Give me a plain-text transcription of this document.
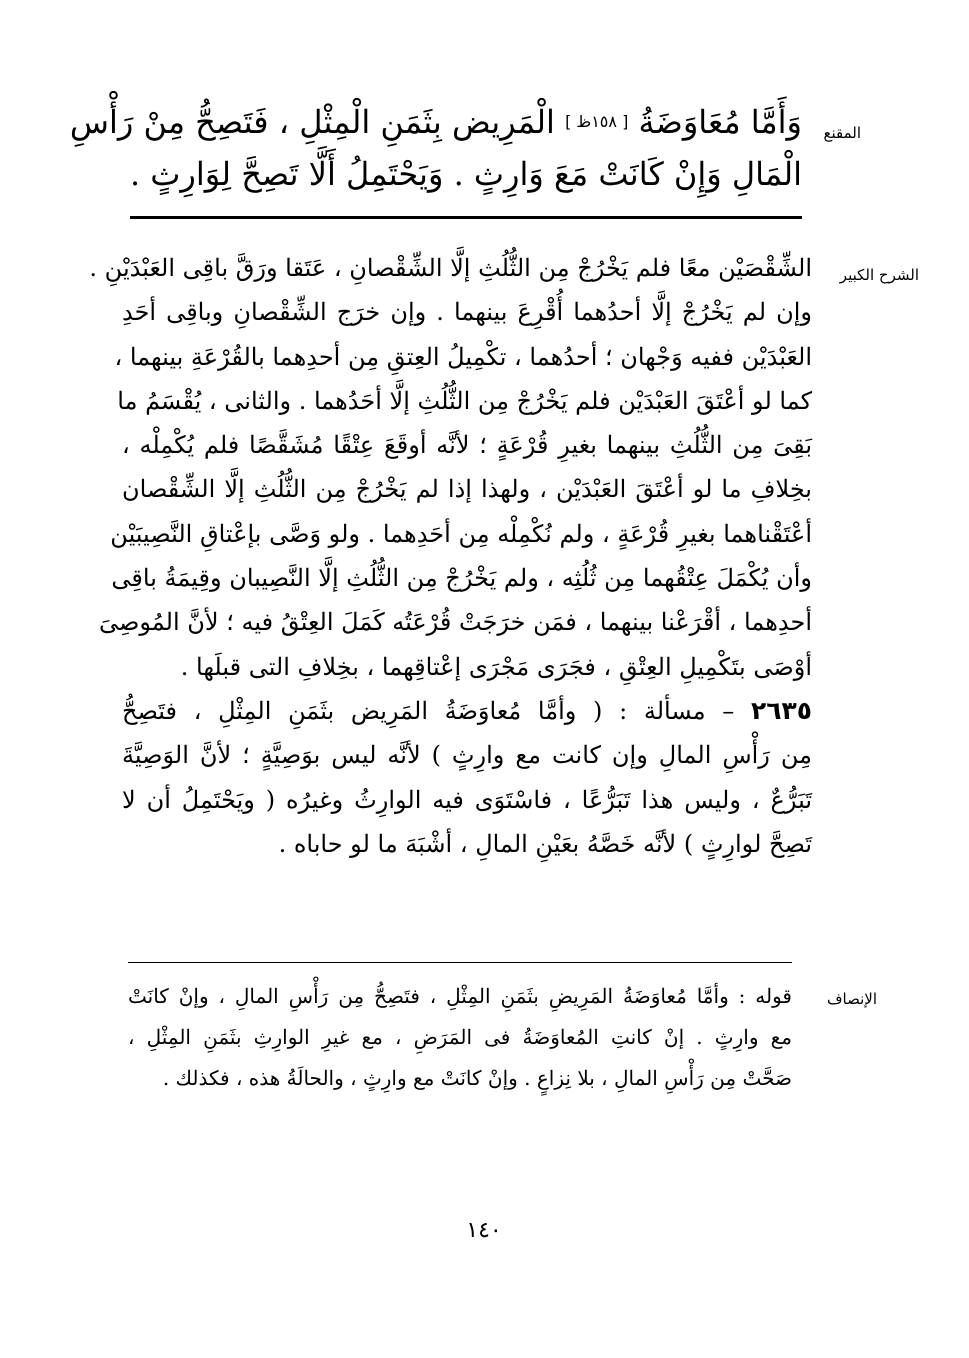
المقنع
وَأَمَّا مُعَاوَضَةُ [ ١٥٨ظ ] الْمَرِيض بِثَمَنِ الْمِثْلِ ، فَتَصِحُّ مِنْ رَأْسِ
الْمَالِ وَإِنْ كَانَتْ مَعَ وَارِثٍ . وَيَحْتَمِلُ أَلَّا تَصِحَّ لِوَارِثٍ .
الشرح الكبير
الشِّقْصَيْن معًا فلم يَخْرُجْ مِن الثُّلُثِ إلَّا الشِّقْصانِ ، عَتَقا ورَقَّ باقِى العَبْدَيْنِ .
وإن لم يَخْرُجْ إلَّا أحدُهما أُقْرِعَ بينهما . وإن خرَج الشِّقْصانِ وباقِى أحَدِ
العَبْدَيْن ففيه وَجْهان ؛ أحدُهما ، تكْمِيلُ العِتقِ مِن أحدِهما بالقُرْعَةِ بينهما ،
كما لو أعْتَقَ العَبْدَيْن فلم يَخْرُجْ مِن الثُّلُثِ إلَّا أحَدُهما . والثانى ، يُقْسَمُ ما
بَقِىَ مِن الثُّلُثِ بينهما بغيرِ قُرْعَةٍ ؛ لأنَّه أوقَعَ عِتْقًا مُشَقَّصًا فلم يُكْمِلْه ،
بخِلافِ ما لو أعْتَقَ العَبْدَيْن ، ولهذا إذا لم يَخْرُجْ مِن الثُّلُثِ إلَّا الشِّقْصان
أعْتَقْناهما بغيرِ قُرْعَةٍ ، ولم نُكْمِلْه مِن أحَدِهما . ولو وَصَّى بإعْتاقِ النَّصِيبَيْن
وأن يُكْمَلَ عِتْقُهما مِن ثُلُثِه ، ولم يَخْرُجْ مِن الثُّلُثِ إلَّا النَّصِيبان وقِيمَةُ باقِى
أحدِهما ، أقْرَعْنا بينهما ، فمَن خرَجَتْ قُرْعَتُه كَمَلَ العِتْقُ فيه ؛ لأنَّ المُوصِىَ
أوْصَى بتَكْمِيلِ العِتْقِ ، فجَرَى مَجْرَى إعْتاقِهما ، بخِلافِ التى قبلَها .
٢٦٣٥ – مسألة : ( وأمَّا مُعاوَضَةُ المَرِيض بثَمَنِ المِثْلِ ، فتَصِحُّ
مِن رَأْسِ المالِ وإن كانت مع وارِثٍ ) لأنَّه ليس بوَصِيَّةٍ ؛ لأنَّ الوَصِيَّةَ
تَبَرُّعٌ ، وليس هذا تَبَرُّعًا ، فاسْتَوَى فيه الوارِثُ وغيرُه ( ويَحْتَمِلُ أن لا
تَصِحَّ لوارِثٍ ) لأنَّه خَصَّهُ بعَيْنِ المالِ ، أشْبَهَ ما لو حاباه .
الإنصاف
قوله : وأمَّا مُعاوَضَةُ المَرِيضِ بثَمَنِ المِثْلِ ، فتَصِحُّ مِن رَأْسِ المالِ ، وإنْ كانَتْ
مع وارِثٍ . إنْ كانتِ المُعاوَضَةُ فى المَرَضِ ، مع غيرِ الوارِثِ بثَمَنِ المِثْلِ ،
صَحَّتْ مِن رَأْسِ المالِ ، بلا نِزاعٍ . وإنْ كانَتْ مع وارِثٍ ، والحالَةُ هذه ، فكذلك .
١٤٠
